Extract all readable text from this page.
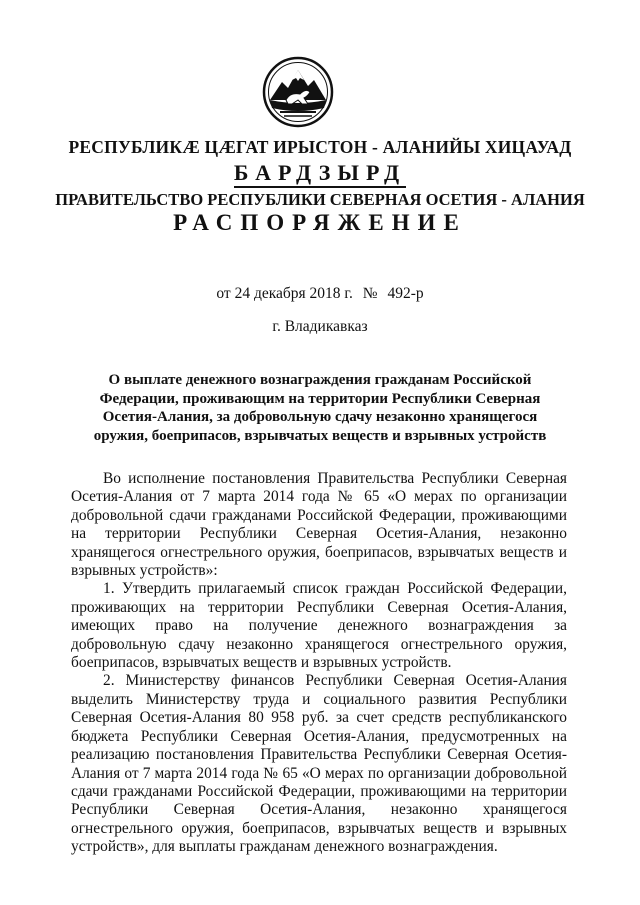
РЕСПУБЛИКÆ ЦÆГАТ ИРЫСТОН - АЛАНИЙЫ ХИЦАУАД
БАРДЗЫРД
ПРАВИТЕЛЬСТВО РЕСПУБЛИКИ СЕВЕРНАЯ ОСЕТИЯ - АЛАНИЯ
РАСПОРЯЖЕНИЕ
от 24 декабря 2018 г. № 492-р
г. Владикавказ
О выплате денежного вознаграждения гражданам Российской Федерации, проживающим на территории Республики Северная Осетия-Алания, за добровольную сдачу незаконно хранящегося оружия, боеприпасов, взрывчатых веществ и взрывных устройств

Во исполнение постановления Правительства Республики Северная Осетия-Алания от 7 марта 2014 года № 65 «О мерах по организации добровольной сдачи гражданами Российской Федерации, проживающими на территории Республики Северная Осетия-Алания, незаконно хранящегося огнестрельного оружия, боеприпасов, взрывчатых веществ и взрывных устройств»:

1. Утвердить прилагаемый список граждан Российской Федерации, проживающих на территории Республики Северная Осетия-Алания, имеющих право на получение денежного вознаграждения за добровольную сдачу незаконно хранящегося огнестрельного оружия, боеприпасов, взрывчатых веществ и взрывных устройств.

2. Министерству финансов Республики Северная Осетия-Алания выделить Министерству труда и социального развития Республики Северная Осетия-Алания 80 958 руб. за счет средств республиканского бюджета Республики Северная Осетия-Алания, предусмотренных на реализацию постановления Правительства Республики Северная Осетия-Алания от 7 марта 2014 года № 65 «О мерах по организации добровольной сдачи гражданами Российской Федерации, проживающими на территории Республики Северная Осетия-Алания, незаконно хранящегося огнестрельного оружия, боеприпасов, взрывчатых веществ и взрывных устройств», для выплаты гражданам денежного вознаграждения.
